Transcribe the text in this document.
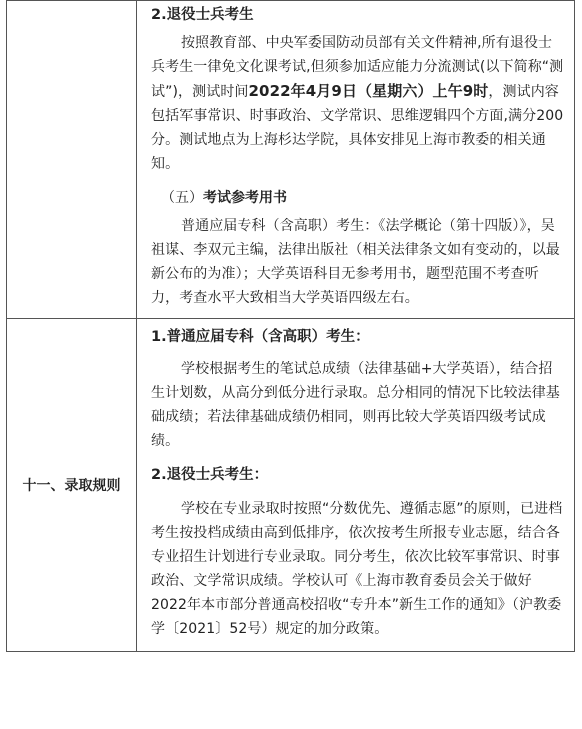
	2.退役士兵考生

按照教育部、中央军委国防动员部有关文件精神,所有退役士兵考生一律免文化课考试,但须参加适应能力分流测试(以下简称“测试”)，测试时间2022年4月9日（星期六）上午9时，测试内容包括军事常识、时事政治、文学常识、思维逻辑四个方面,满分200分。测试地点为上海杉达学院，具体安排见上海市教委的相关通知。

（五）考试参考用书

普通应届专科（含高职）考生：《法学概论（第十四版）》，吴祖谋、李双元主编，法律出版社（相关法律条文如有变动的，以最新公布的为准）；大学英语科目无参考用书，题型范围不考查听力，考查水平大致相当大学英语四级左右。

十一、录取规则	1.普通应届专科（含高职）考生：

学校根据考生的笔试总成绩（法律基础+大学英语），结合招生计划数，从高分到低分进行录取。总分相同的情况下比较法律基础成绩；若法律基础成绩仍相同，则再比较大学英语四级考试成绩。

2.退役士兵考生：

学校在专业录取时按照“分数优先、遵循志愿”的原则，已进档考生按投档成绩由高到低排序，依次按考生所报专业志愿，结合各专业招生计划进行专业录取。同分考生，依次比较军事常识、时事政治、文学常识成绩。学校认可《上海市教育委员会关于做好2022年本市部分普通高校招收“专升本”新生工作的通知》（沪教委学〔2021〕52号）规定的加分政策。
